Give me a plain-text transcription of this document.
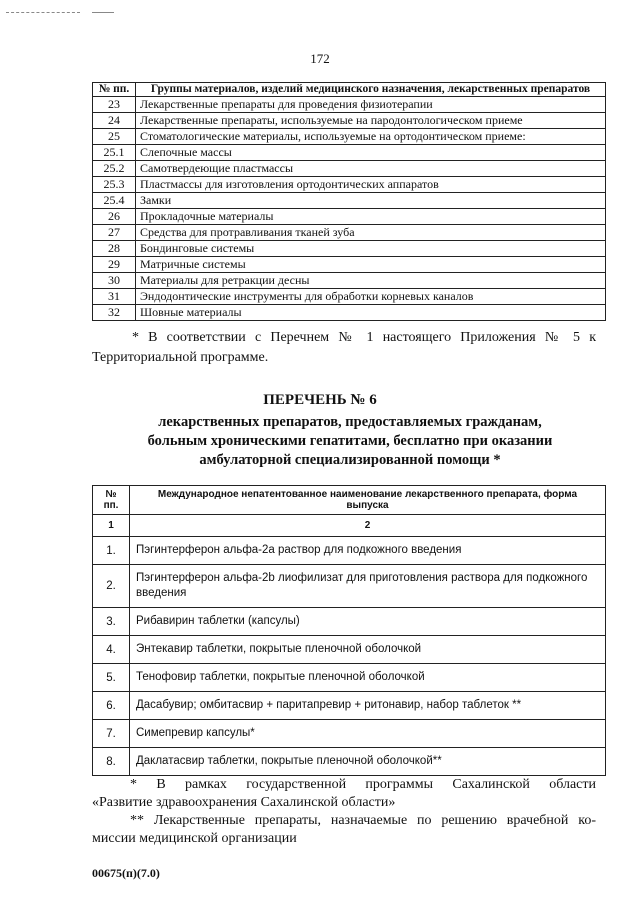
172
№ пп.	Группы материалов, изделий медицинского назначения, лекарственных препаратов
23	Лекарственные препараты для проведения физиотерапии
24	Лекарственные препараты, используемые на пародонтологическом приеме
25	Стоматологические материалы, используемые на ортодонтическом приеме:
25.1	Слепочные массы
25.2	Самотвердеющие пластмассы
25.3	Пластмассы для изготовления ортодонтических аппаратов
25.4	Замки
26	Прокладочные материалы
27	Средства для протравливания тканей зуба
28	Бондинговые системы
29	Матричные системы
30	Материалы для ретракции десны
31	Эндодонтические инструменты для обработки корневых каналов
32	Шовные материалы
* В соответствии с Перечнем № 1 настоящего Приложения № 5 к
Территориальной программе.
ПЕРЕЧЕНЬ № 6
лекарственных препаратов, предоставляемых гражданам,
больным хроническими гепатитами, бесплатно при оказании
амбулаторной специализированной помощи *
№ пп.	Международное непатентованное наименование лекарственного препарата, форма выпуска
1	2
1.	Пэгинтерферон альфа-2а раствор для подкожного введения
2.	Пэгинтерферон альфа-2b лиофилизат для приготовления раствора для подкожного введения
3.	Рибавирин таблетки (капсулы)
4.	Энтекавир таблетки, покрытые пленочной оболочкой
5.	Тенофовир таблетки, покрытые пленочной оболочкой
6.	Дасабувир; омбитасвир + паритапревир + ритонавир, набор таблеток **
7.	Симепревир капсулы*
8.	Даклатасвир таблетки, покрытые пленочной оболочкой**
*    В    рамках    государственной    программы    Сахалинской    области
«Развитие здравоохранения Сахалинской области»
** Лекарственные препараты, назначаемые по решению врачебной ко-
миссии медицинской организации
00675(п)(7.0)
